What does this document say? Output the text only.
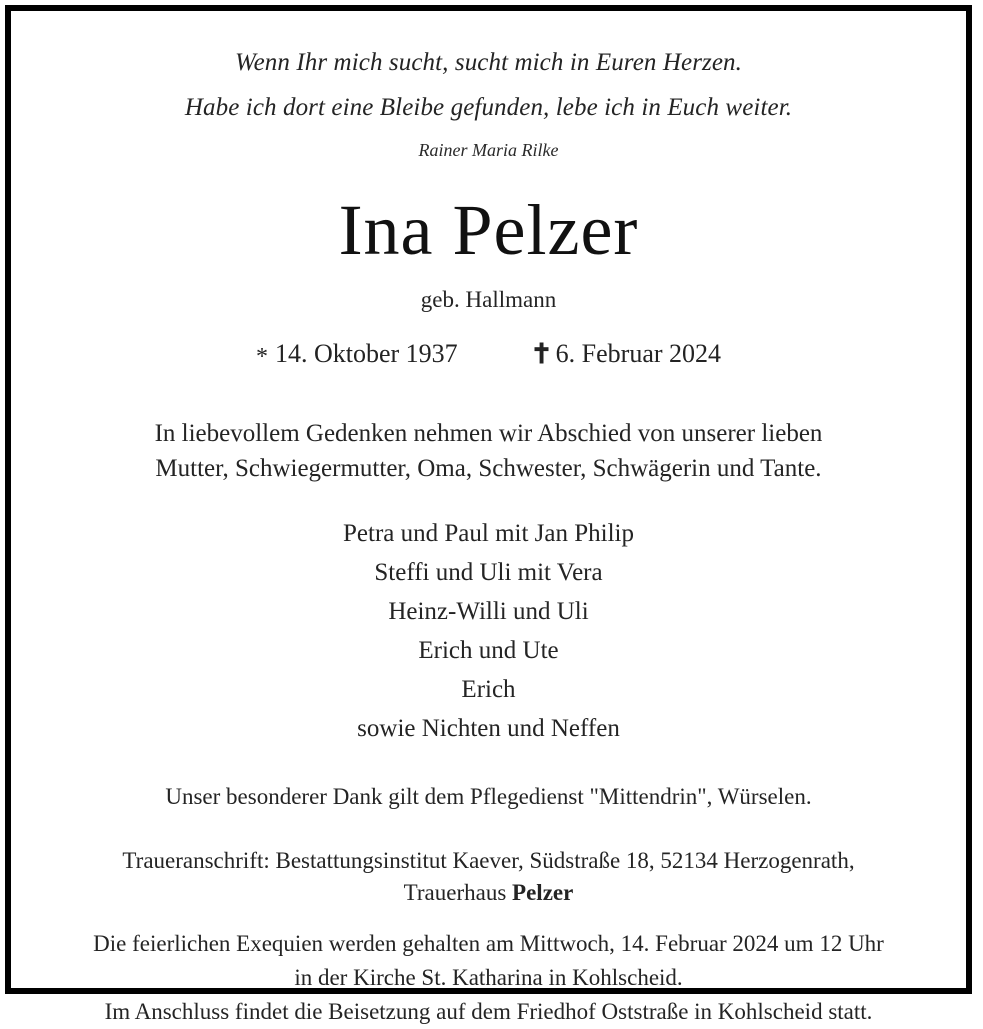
Wenn Ihr mich sucht, sucht mich in Euren Herzen.
Habe ich dort eine Bleibe gefunden, lebe ich in Euch weiter.
Rainer Maria Rilke
Ina Pelzer
geb. Hallmann
* 14. Oktober 1937	6. Februar 2024
In liebevollem Gedenken nehmen wir Abschied von unserer lieben
Mutter, Schwiegermutter, Oma, Schwester, Schwägerin und Tante.
Petra und Paul mit Jan Philip
Steffi und Uli mit Vera
Heinz-Willi und Uli
Erich und Ute
Erich
sowie Nichten und Neffen
Unser besonderer Dank gilt dem Pflegedienst "Mittendrin", Würselen.
Traueranschrift: Bestattungsinstitut Kaever, Südstraße 18, 52134 Herzogenrath,
Trauerhaus Pelzer
Die feierlichen Exequien werden gehalten am Mittwoch, 14. Februar 2024 um 12 Uhr
in der Kirche St. Katharina in Kohlscheid.
Im Anschluss findet die Beisetzung auf dem Friedhof Oststraße in Kohlscheid statt.
